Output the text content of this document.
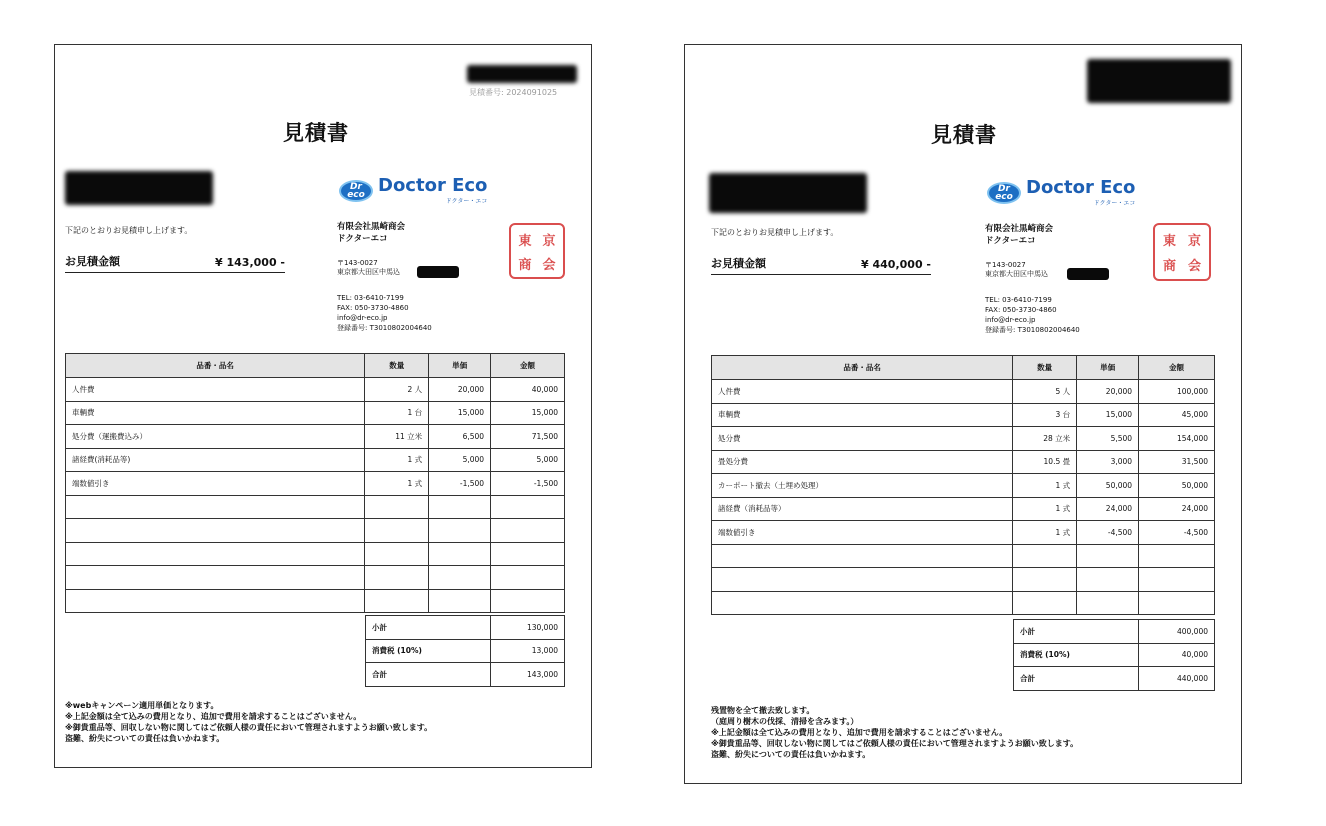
見積番号: 2024091025
見積書
下記のとおりお見積申し上げます。
お見積金額	¥ 143,000 -
Dr eco Doctor Eco
ドクター・エコ
有限会社黒崎商会
ドクターエコ
〒143-0027
東京都大田区中馬込
TEL: 03-6410-7199
FAX: 050-3730-4860
info@dr-eco.jp
登録番号: T3010802004640
東 京
商 会
品番・品名	数量	単価	金額
人件費	2 人	20,000	40,000
車輌費	1 台	15,000	15,000
処分費（運搬費込み）	11 立米	6,500	71,500
諸経費(消耗品等)	1 式	5,000	5,000
端数値引き	1 式	-1,500	-1,500

小計	130,000
消費税 (10%)	13,000
合計	143,000
※webキャンペーン適用単価となります。
※上記金額は全て込みの費用となり、追加で費用を請求することはございません。
※御貴重品等、回収しない物に関してはご依頼人様の責任において管理されますようお願い致します。
盗難、紛失についての責任は負いかねます。
見積書
下記のとおりお見積申し上げます。
お見積金額	¥ 440,000 -
Dr eco Doctor Eco
ドクター・エコ
有限会社黒崎商会
ドクターエコ
〒143-0027
東京都大田区中馬込
TEL: 03-6410-7199
FAX: 050-3730-4860
info@dr-eco.jp
登録番号: T3010802004640
東 京
商 会
品番・品名	数量	単価	金額
人件費	5 人	20,000	100,000
車輌費	3 台	15,000	45,000
処分費	28 立米	5,500	154,000
畳処分費	10.5 畳	3,000	31,500
カーポート撤去（土埋め処理）	1 式	50,000	50,000
諸経費（消耗品等）	1 式	24,000	24,000
端数値引き	1 式	-4,500	-4,500

小計	400,000
消費税 (10%)	40,000
合計	440,000
残置物を全て撤去致します。
（庭周り樹木の伐採、清掃を含みます。）
※上記金額は全て込みの費用となり、追加で費用を請求することはございません。
※御貴重品等、回収しない物に関してはご依頼人様の責任において管理されますようお願い致します。
盗難、紛失についての責任は負いかねます。
